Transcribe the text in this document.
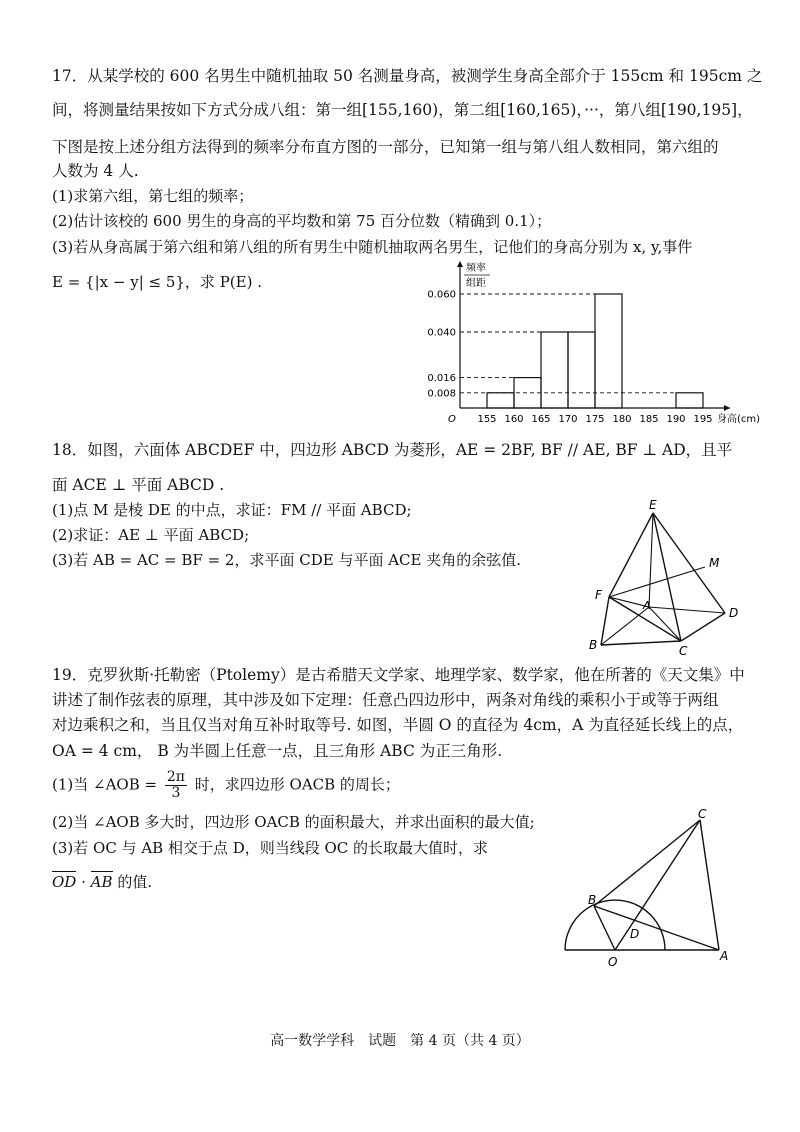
17．从某学校的 600 名男生中随机抽取 50 名测量身高，被测学生身高全部介于 155cm 和 195cm 之
间，将测量结果按如下方式分成八组：第一组[155,160)，第二组[160,165)，···，第八组[190,195]，
下图是按上述分组方法得到的频率分布直方图的一部分，已知第一组与第八组人数相同，第六组的
人数为 4 人.
(1)求第六组，第七组的频率；
(2)估计该校的 600 男生的身高的平均数和第 75 百分位数（精确到 0.1）；
(3)若从身高属于第六组和第八组的所有男生中随机抽取两名男生，记他们的身高分别为 x, y,事件
E = {|x − y| ≤ 5}，求 P(E) .
频率
组距
O
0.060
0.040
0.016
0.008
155 160 165 170 175 180 185 190 195 身高(cm)
18．如图，六面体 ABCDEF 中，四边形 ABCD 为菱形，AE = 2BF, BF // AE, BF ⊥ AD，且平
面 ACE ⊥ 平面 ABCD .
(1)点 M 是棱 DE 的中点，求证：FM // 平面 ABCD;
(2)求证：AE ⊥ 平面 ABCD;
(3)若 AB = AC = BF = 2，求平面 CDE 与平面 ACE 夹角的余弦值.
E
M
F
A
D
B	C
19．克罗狄斯·托勒密（Ptolemy）是古希腊天文学家、地理学家、数学家，他在所著的《天文集》中
讲述了制作弦表的原理，其中涉及如下定理：任意凸四边形中，两条对角线的乘积小于或等于两组
对边乘积之和，当且仅当对角互补时取等号. 如图，半圆 O 的直径为 4cm，A 为直径延长线上的点，
OA = 4 cm， B 为半圆上任意一点，且三角形 ABC 为正三角形.
(1)当 ∠AOB = $\frac{2\pi}{3}$ 时，求四边形 OACB 的周长；
(2)当 ∠AOB 多大时，四边形 OACB 的面积最大，并求出面积的最大值;
(3)若 OC 与 AB 相交于点 D，则当线段 OC 的长取最大值时，求
OD · AB 的值.
C
B
D
O	A
高一数学学科　试题　第 4 页（共 4 页）
